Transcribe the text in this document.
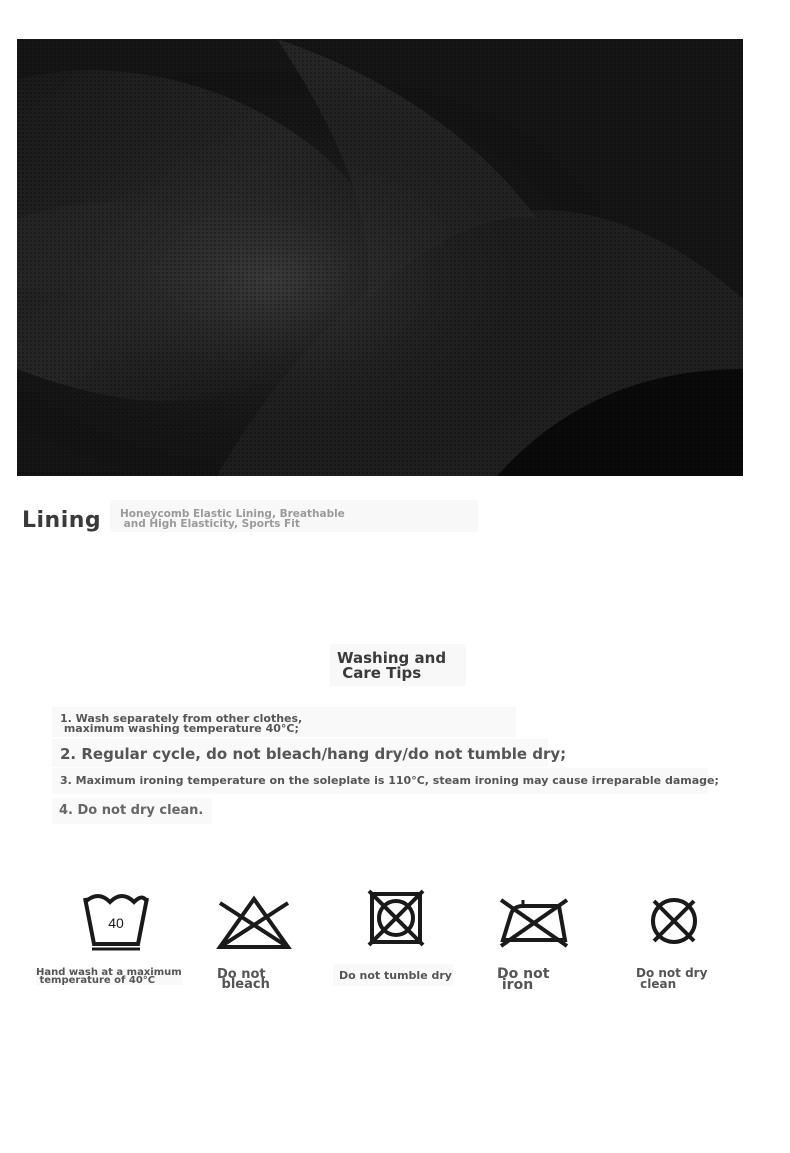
Lining Honeycomb Elastic Lining, Breathable
and High Elasticity, Sports Fit
Washing and
Care Tips
1. Wash separately from other clothes,
maximum washing temperature 40°C;
2. Regular cycle, do not bleach/hang dry/do not tumble dry;
3. Maximum ironing temperature on the soleplate is 110°C, steam ironing may cause irreparable damage;
4. Do not dry clean.
40
Hand wash at a maximum
temperature of 40°C	Do not
bleach
Do not tumble dry	Do not
iron
Do not dry
clean
